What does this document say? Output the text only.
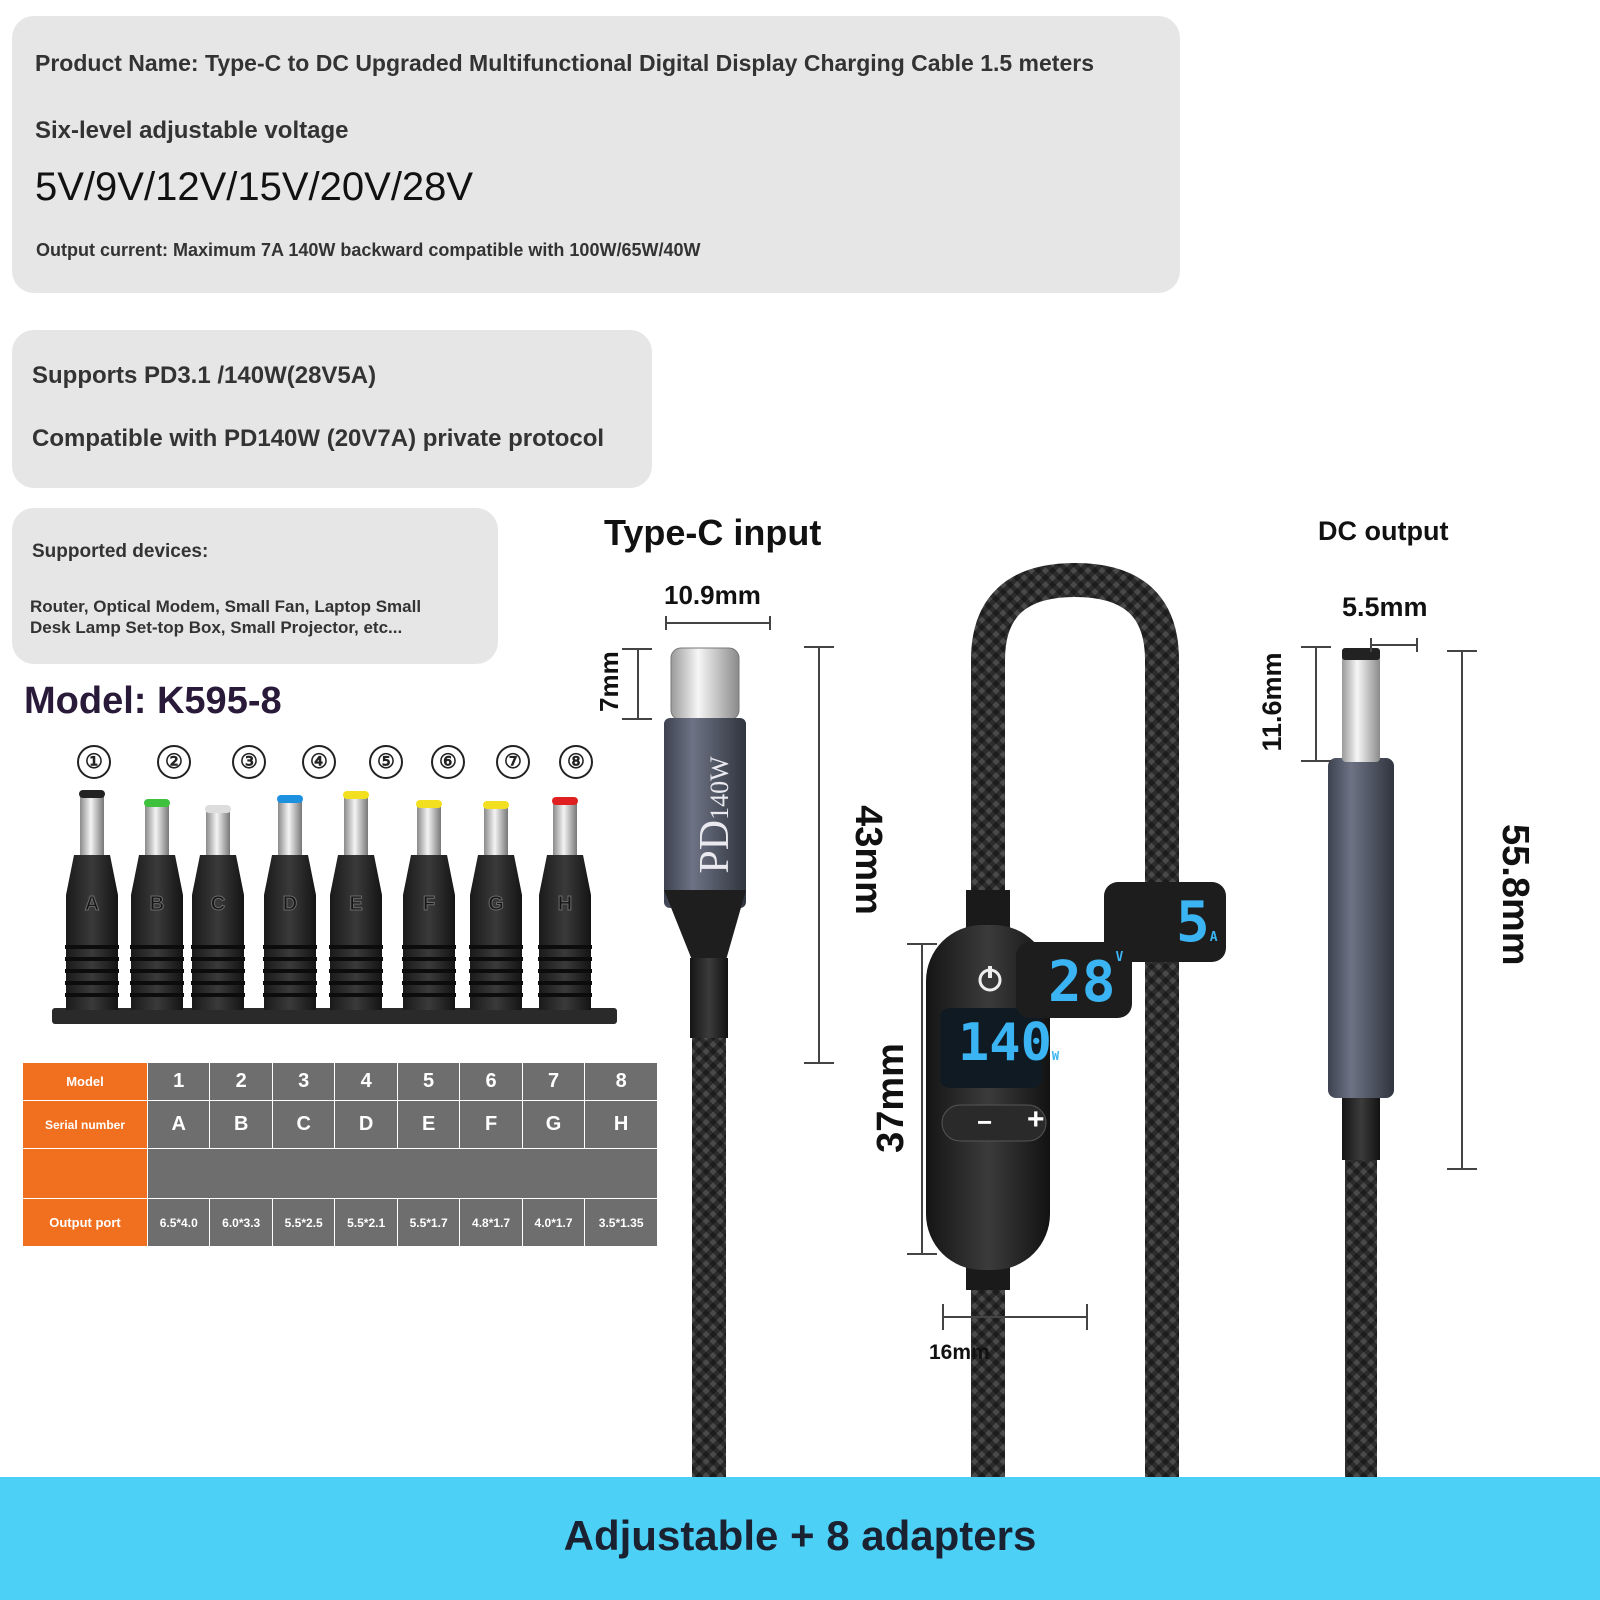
Product Name: Type-C to DC Upgraded Multifunctional Digital Display Charging Cable 1.5 meters
Six-level adjustable voltage
5V/9V/12V/15V/20V/28V
Output current: Maximum 7A 140W backward compatible with 100W/65W/40W
Supports PD3.1 /140W(28V5A)
Compatible with PD140W (20V7A) private protocol
Supported devices:
Router, Optical Modem, Small Fan, Laptop Small
Desk Lamp Set-top Box, Small Projector, etc...
Model: K595-8
①	②	③	④	⑤	⑥	⑦	⑧
A	B C	D	E	F	G	H
Model	1	2	3	4	5	6	7	8
Serial number	A	B	C	D	E	F	G	H

Output port	6.5*4.0	6.0*3.3	5.5*2.5	5.5*2.1	5.5*1.7	4.8*1.7	4.0*1.7	3.5*1.35
Type-C input	DC output
PD140W
140W
$28^V$
5A
− +
10.9mm
7mm
43mm
37mm
16mm
5.5mm
11.6mm
55.8mm
Adjustable + 8 adapters
